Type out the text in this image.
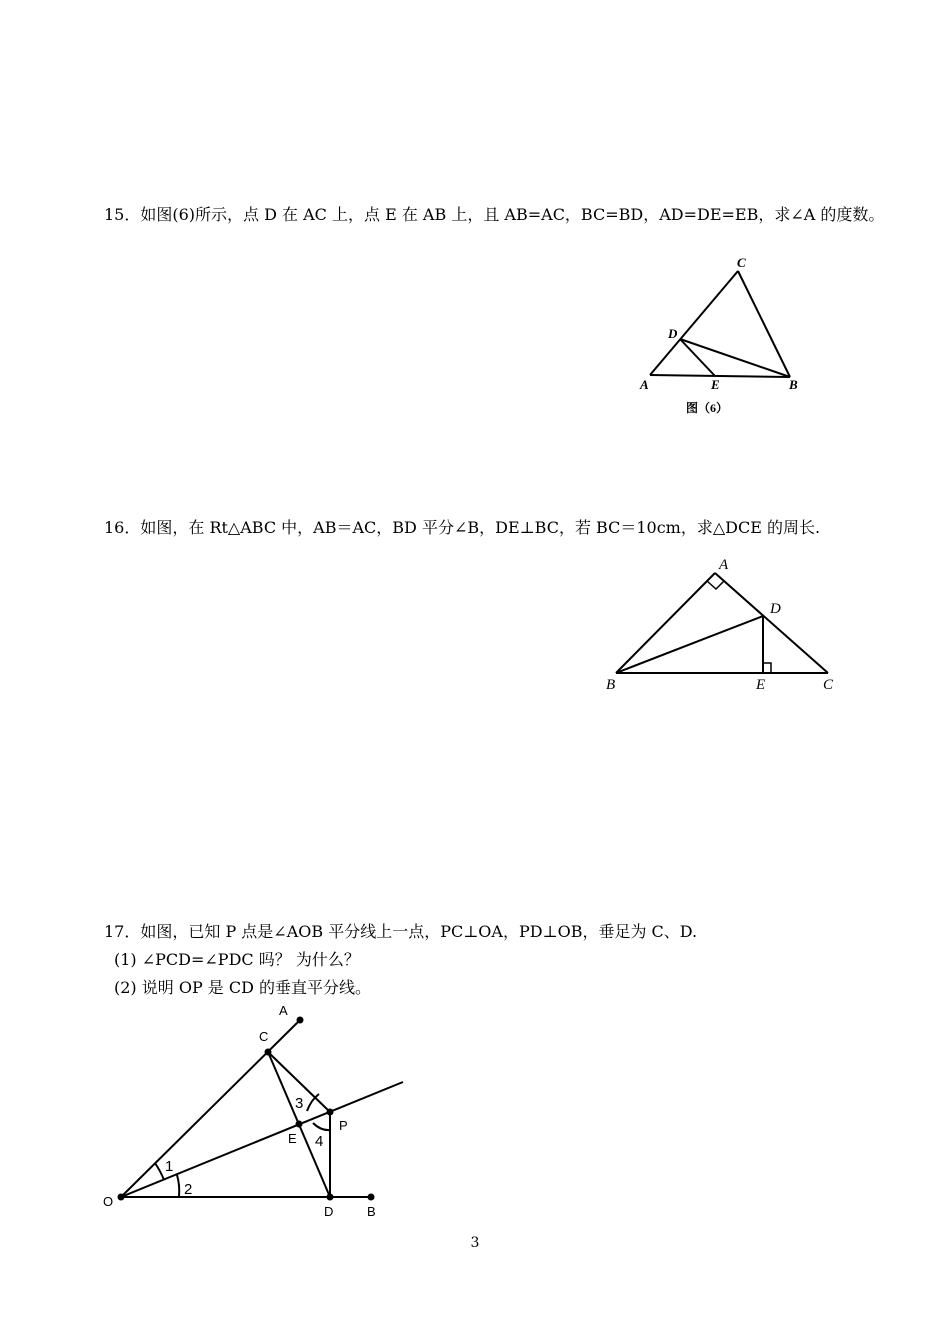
15．如图(6)所示，点 D 在 AC 上，点 E 在 AB 上，且 AB=AC，BC=BD，AD=DE=EB，求∠A 的度数。
C
D
A	E	B
图（6）
16．如图，在 Rt△ABC 中，AB＝AC，BD 平分∠B，DE⊥BC，若 BC＝10cm，求△DCE 的周长.
A
D
B	E	C
17．如图，已知 P 点是∠AOB 平分线上一点，PC⊥OA，PD⊥OB，垂足为 C、D.
(1) ∠PCD=∠PDC 吗？ 为什么？
(2) 说明 OP 是 CD 的垂直平分线。
A
C
O
D	B
E
P
1
2
3
4
3
